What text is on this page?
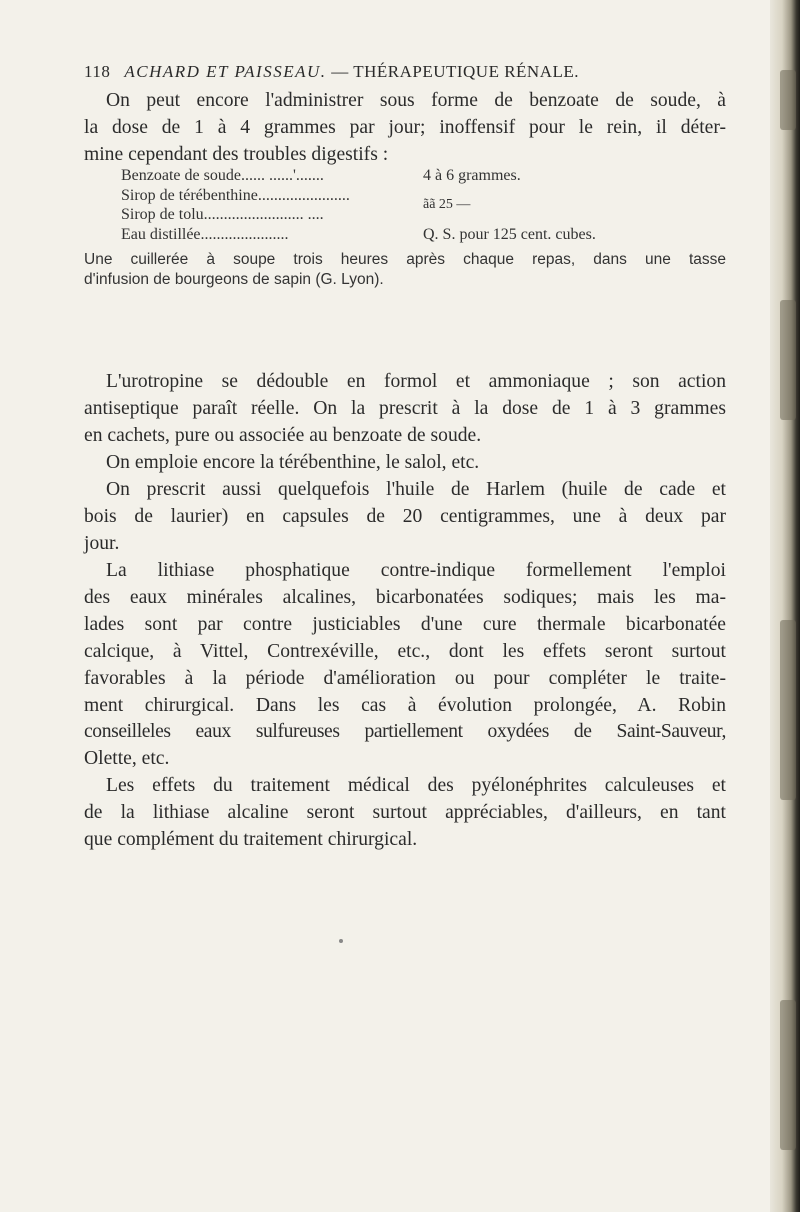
118 ACHARD ET PAISSEAU. — THÉRAPEUTIQUE RÉNALE.
On peut encore l'administrer sous forme de benzoate de soude, à
la dose de 1 à 4 grammes par jour; inoffensif pour le rein, il déter-
mine cependant des troubles digestifs :
Benzoate de soude...... ......'.......	4 à 6 grammes.
Sirop de térébenthine.......................
Sirop de tolu......................... ....
ãã 25 —
Eau distillée......................	Q. S. pour 125 cent. cubes.
Une cuillerée à soupe trois heures après chaque repas, dans une tasse
d'infusion de bourgeons de sapin (G. Lyon).
L'urotropine se dédouble en formol et ammoniaque ; son action
antiseptique paraît réelle. On la prescrit à la dose de 1 à 3 grammes
en cachets, pure ou associée au benzoate de soude.
On emploie encore la térébenthine, le salol, etc.
On prescrit aussi quelquefois l'huile de Harlem (huile de cade et
bois de laurier) en capsules de 20 centigrammes, une à deux par
jour.
La lithiase phosphatique contre-indique formellement l'emploi
des eaux minérales alcalines, bicarbonatées sodiques; mais les ma-
lades sont par contre justiciables d'une cure thermale bicarbonatée
calcique, à Vittel, Contrexéville, etc., dont les effets seront surtout
favorables à la période d'amélioration ou pour compléter le traite-
ment chirurgical. Dans les cas à évolution prolongée, A. Robin
conseilleles eaux sulfureuses partiellement oxydées de Saint-Sauveur,
Olette, etc.
Les effets du traitement médical des pyélonéphrites calculeuses et
de la lithiase alcaline seront surtout appréciables, d'ailleurs, en tant
que complément du traitement chirurgical.
